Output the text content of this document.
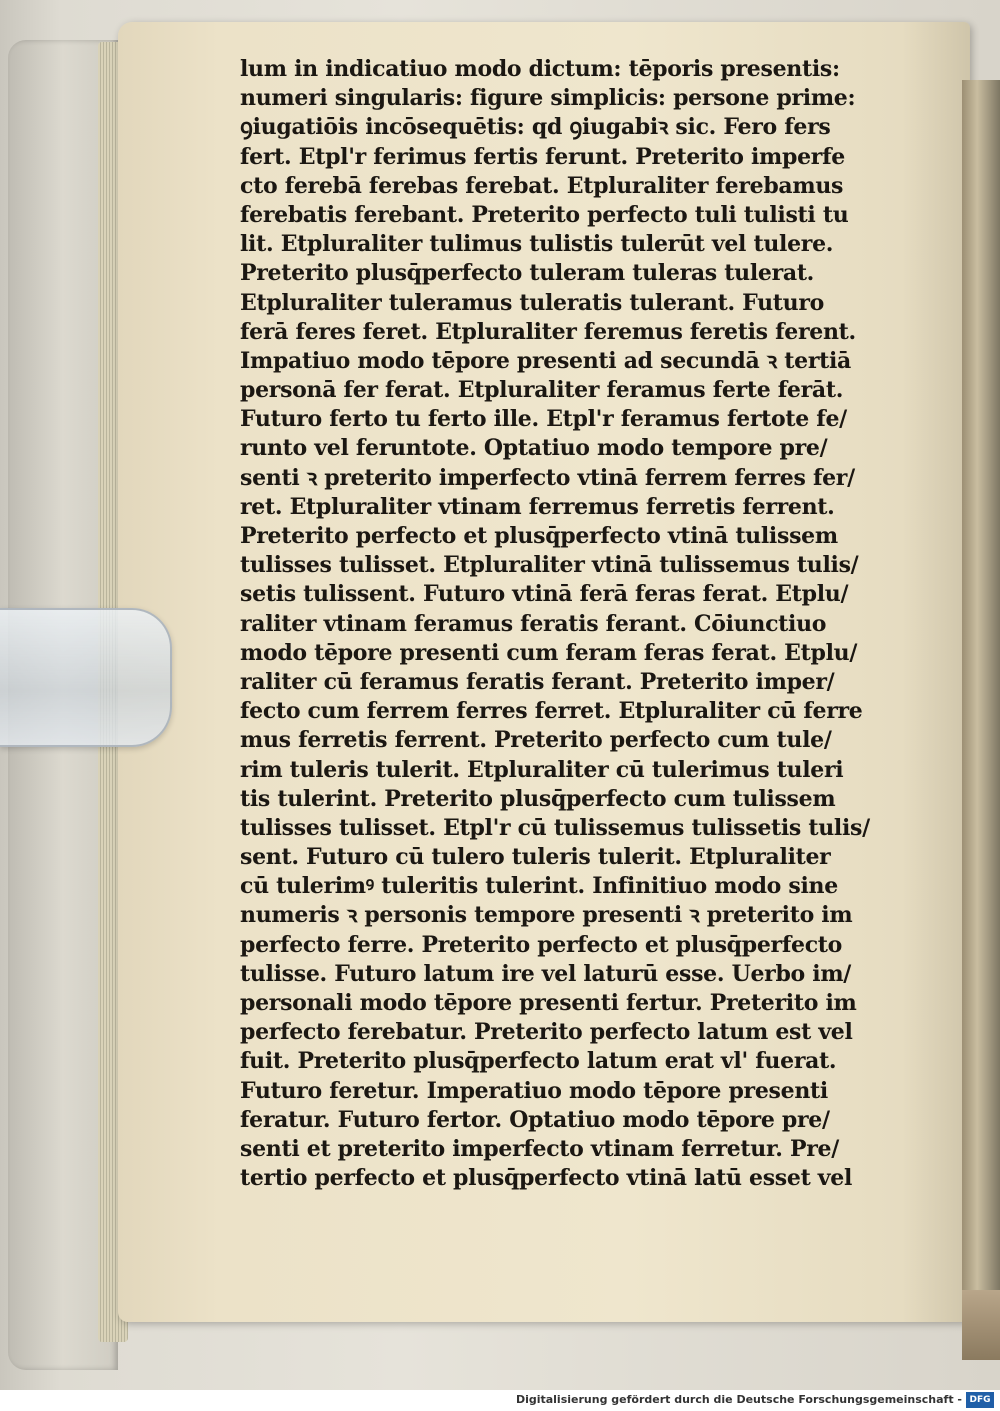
lum in indicatiuo modo dictum: tēporis presentis:
numeri singularis: figure simplicis: persone prime:
ꝯiugatiōis incōsequētis: qd ꝯiugabiꝛ sic. Fero fers
fert. Etpl'r ferimus fertis ferunt. Preterito imperfe
cto ferebā ferebas ferebat. Etpluraliter ferebamus
ferebatis ferebant. Preterito perfecto tuli tulisti tu
lit. Etpluraliter tulimus tulistis tulerūt vel tulere.
Preterito plusq̄perfecto tuleram tuleras tulerat.
Etpluraliter tuleramus tuleratis tulerant. Futuro
ferā feres feret. Etpluraliter feremus feretis ferent.
Impatiuo modo tēpore presenti ad secundā ꝛ tertiā
personā fer ferat. Etpluraliter feramus ferte ferāt.
Futuro ferto tu ferto ille. Etpl'r feramus fertote fe/
runto vel feruntote. Optatiuo modo tempore pre/
senti ꝛ preterito imperfecto vtinā ferrem ferres fer/
ret. Etpluraliter vtinam ferremus ferretis ferrent.
Preterito perfecto et plusq̄perfecto vtinā tulissem
tulisses tulisset. Etpluraliter vtinā tulissemus tulis/
setis tulissent. Futuro vtinā ferā feras ferat. Etplu/
raliter vtinam feramus feratis ferant. Cōiunctiuo
modo tēpore presenti cum feram feras ferat. Etplu/
raliter cū feramus feratis ferant. Preterito imper/
fecto cum ferrem ferres ferret. Etpluraliter cū ferre
mus ferretis ferrent. Preterito perfecto cum tule/
rim tuleris tulerit. Etpluraliter cū tulerimus tuleri
tis tulerint. Preterito plusq̄perfecto cum tulissem
tulisses tulisset. Etpl'r cū tulissemus tulissetis tulis/
sent. Futuro cū tulero tuleris tulerit. Etpluraliter
cū tulerimꝰ tuleritis tulerint. Infinitiuo modo sine
numeris ꝛ personis tempore presenti ꝛ preterito im
perfecto ferre. Preterito perfecto et plusq̄perfecto
tulisse. Futuro latum ire vel laturū esse. Uerbo im/
personali modo tēpore presenti fertur. Preterito im
perfecto ferebatur. Preterito perfecto latum est vel
fuit. Preterito plusq̄perfecto latum erat vl' fuerat.
Futuro feretur. Imperatiuo modo tēpore presenti
feratur. Futuro fertor. Optatiuo modo tēpore pre/
senti et preterito imperfecto vtinam ferretur. Pre/
tertio perfecto et plusq̄perfecto vtinā latū esset vel
Digitalisierung gefördert durch die Deutsche Forschungsgemeinschaft - DFG
